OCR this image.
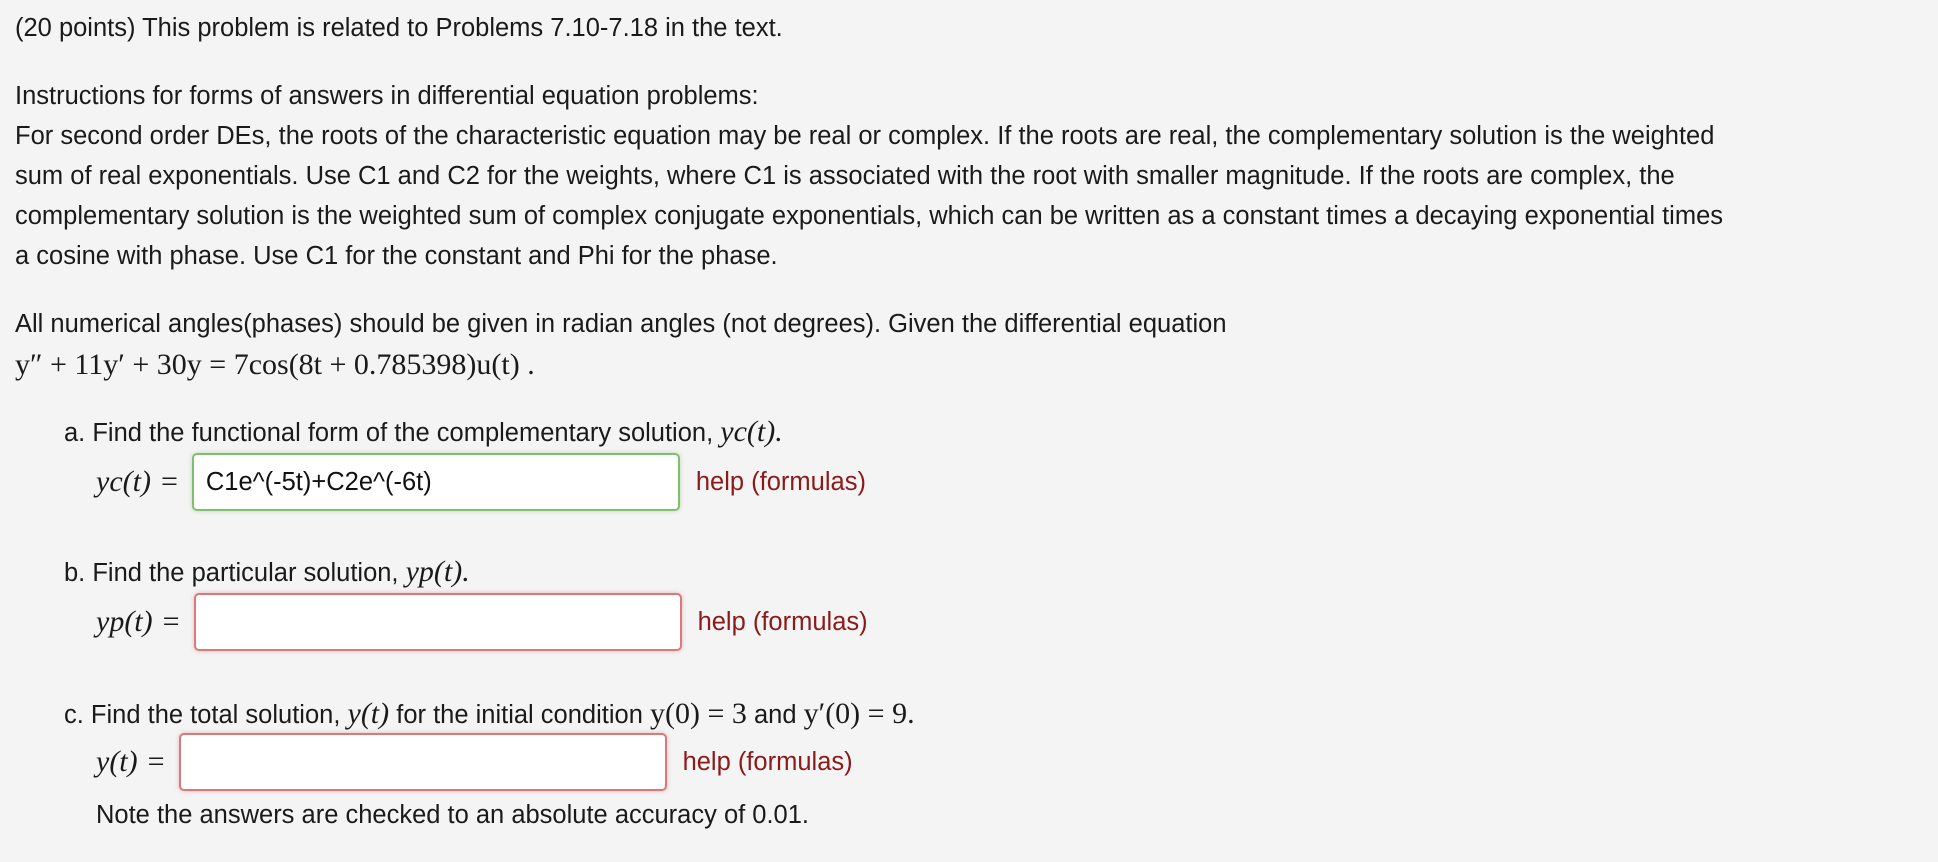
(20 points) This problem is related to Problems 7.10-7.18 in the text.
Instructions for forms of answers in differential equation problems:
For second order DEs, the roots of the characteristic equation may be real or complex. If the roots are real, the complementary solution is the weighted
sum of real exponentials. Use C1 and C2 for the weights, where C1 is associated with the root with smaller magnitude. If the roots are complex, the
complementary solution is the weighted sum of complex conjugate exponentials, which can be written as a constant times a decaying exponential times
a cosine with phase. Use C1 for the constant and Phi for the phase.
All numerical angles(phases) should be given in radian angles (not degrees). Given the differential equation
y″ + 11y′ + 30y = 7cos(8t + 0.785398)u(t) .
a. Find the functional form of the complementary solution, yc(t).
yc(t) =
C1e^(-5t)+C2e^(-6t)	help (formulas)
b. Find the particular solution, yp(t).
yp(t) =	help (formulas)
c. Find the total solution, y(t) for the initial condition y(0) = 3 and y′(0) = 9.
y(t) =	help (formulas)
Note the answers are checked to an absolute accuracy of 0.01.
